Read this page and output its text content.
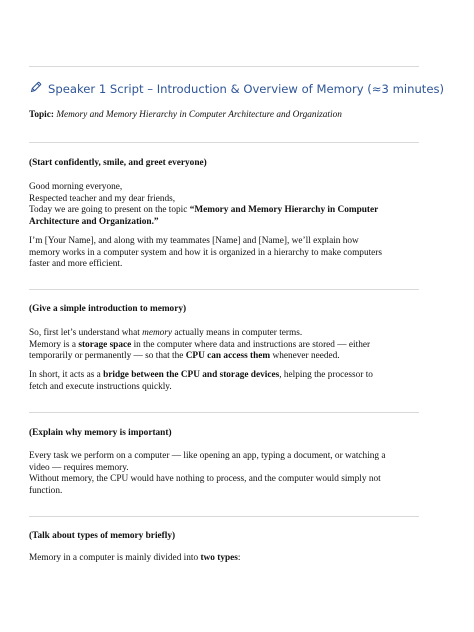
Speaker 1 Script – Introduction & Overview of Memory (≈3 minutes)
Topic: Memory and Memory Hierarchy in Computer Architecture and Organization
(Start confidently, smile, and greet everyone)
Good morning everyone,
Respected teacher and my dear friends,
Today we are going to present on the topic “Memory and Memory Hierarchy in Computer
Architecture and Organization.”
I’m [Your Name], and along with my teammates [Name] and [Name], we’ll explain how
memory works in a computer system and how it is organized in a hierarchy to make computers
faster and more efficient.
(Give a simple introduction to memory)
So, first let’s understand what memory actually means in computer terms.
Memory is a storage space in the computer where data and instructions are stored — either
temporarily or permanently — so that the CPU can access them whenever needed.
In short, it acts as a bridge between the CPU and storage devices, helping the processor to
fetch and execute instructions quickly.
(Explain why memory is important)
Every task we perform on a computer — like opening an app, typing a document, or watching a
video — requires memory.
Without memory, the CPU would have nothing to process, and the computer would simply not
function.
(Talk about types of memory briefly)
Memory in a computer is mainly divided into two types:
